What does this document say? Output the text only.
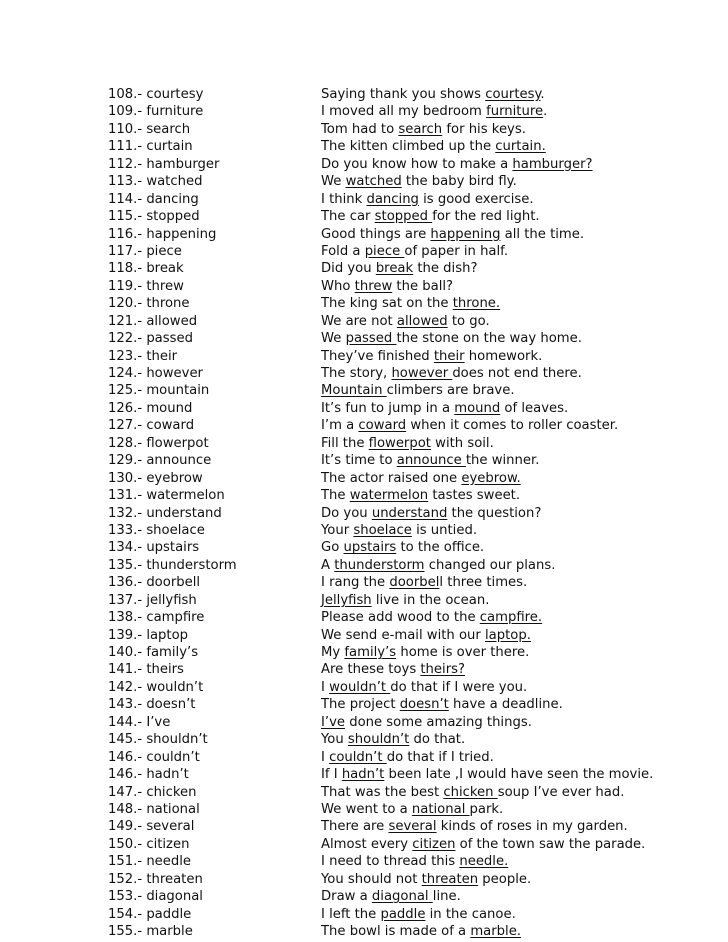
108.- courtesy	Saying thank you shows courtesy.
109.- furniture	I moved all my bedroom furniture.
110.- search	Tom had to search for his keys.
111.- curtain	The kitten climbed up the curtain.
112.- hamburger	Do you know how to make a hamburger?
113.- watched	We watched the baby bird fly.
114.- dancing	I think dancing is good exercise.
115.- stopped	The car stopped for the red light.
116.- happening	Good things are happening all the time.
117.- piece	Fold a piece of paper in half.
118.- break	Did you break the dish?
119.- threw	Who threw the ball?
120.- throne	The king sat on the throne.
121.- allowed	We are not allowed to go.
122.- passed	We passed the stone on the way home.
123.- their	They’ve finished their homework.
124.- however	The story, however does not end there.
125.- mountain	Mountain climbers are brave.
126.- mound	It’s fun to jump in a mound of leaves.
127.- coward	I’m a coward when it comes to roller coaster.
128.- flowerpot	Fill the flowerpot with soil.
129.- announce	It’s time to announce the winner.
130.- eyebrow	The actor raised one eyebrow.
131.- watermelon	The watermelon tastes sweet.
132.- understand	Do you understand the question?
133.- shoelace	Your shoelace is untied.
134.- upstairs	Go upstairs to the office.
135.- thunderstorm	A thunderstorm changed our plans.
136.- doorbell	I rang the doorbell three times.
137.- jellyfish	Jellyfish live in the ocean.
138.- campfire	Please add wood to the campfire.
139.- laptop	We send e-mail with our laptop.
140.- family’s	My family’s home is over there.
141.- theirs	Are these toys theirs?
142.- wouldn’t	I wouldn’t do that if I were you.
143.- doesn’t	The project doesn’t have a deadline.
144.- I’ve	I’ve done some amazing things.
145.- shouldn’t	You shouldn’t do that.
146.- couldn’t	I couldn’t do that if I tried.
146.- hadn’t	If I hadn’t been late ,I would have seen the movie.
147.- chicken	That was the best chicken soup I’ve ever had.
148.- national	We went to a national park.
149.- several	There are several kinds of roses in my garden.
150.- citizen	Almost every citizen of the town saw the parade.
151.- needle	I need to thread this needle.
152.- threaten	You should not threaten people.
153.- diagonal	Draw a diagonal line.
154.- paddle	I left the paddle in the canoe.
155.- marble	The bowl is made of a marble.
